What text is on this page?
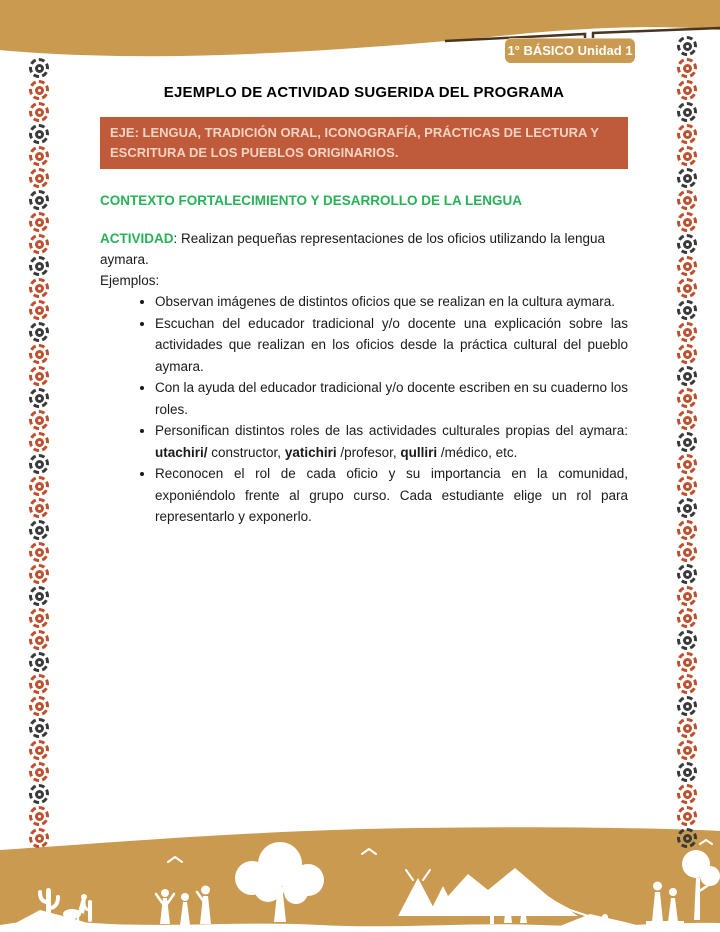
1° BÁSICO Unidad 1
EJEMPLO DE ACTIVIDAD SUGERIDA DEL PROGRAMA
EJE: LENGUA, TRADICIÓN ORAL, ICONOGRAFÍA, PRÁCTICAS DE LECTURA Y ESCRITURA DE LOS PUEBLOS ORIGINARIOS.
CONTEXTO FORTALECIMIENTO Y DESARROLLO DE LA LENGUA

ACTIVIDAD: Realizan pequeñas representaciones de los oficios utilizando la lengua aymara.

Ejemplos:

• Observan imágenes de distintos oficios que se realizan en la cultura aymara.
• Escuchan del educador tradicional y/o docente una explicación sobre las actividades que realizan en los oficios desde la práctica cultural del pueblo aymara.
• Con la ayuda del educador tradicional y/o docente escriben en su cuaderno los roles.
• Personifican distintos roles de las actividades culturales propias del aymara: utachiri/ constructor, yatichiri /profesor, qulliri /médico, etc.
• Reconocen el rol de cada oficio y su importancia en la comunidad, exponiéndolo frente al grupo curso. Cada estudiante elige un rol para representarlo y exponerlo.
